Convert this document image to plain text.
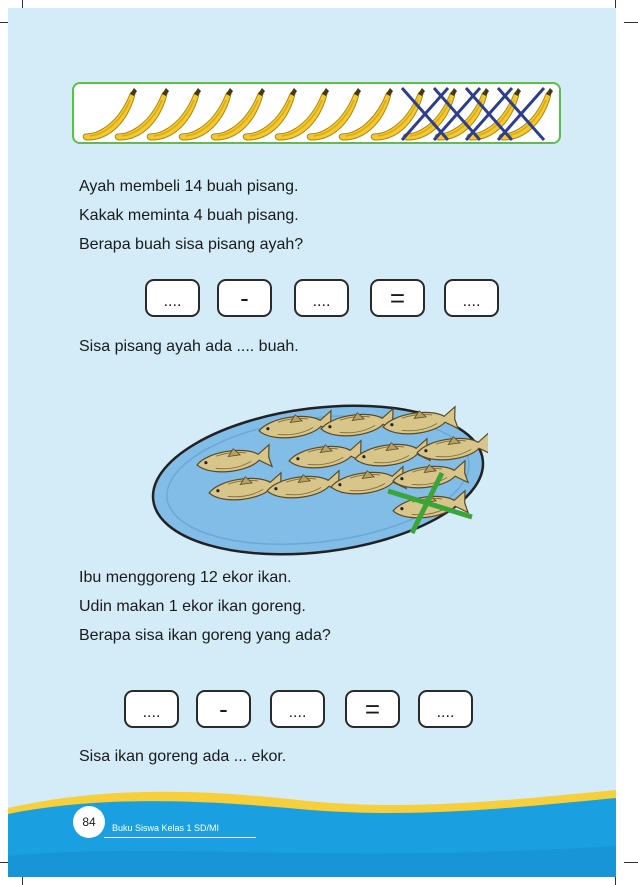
Ayah membeli 14 buah pisang.
Kakak meminta 4 buah pisang.
Berapa buah sisa pisang ayah?
....	-	....	=	....
Sisa pisang ayah ada .... buah.
Ibu menggoreng 12 ekor ikan.
Udin makan 1 ekor ikan goreng.
Berapa sisa ikan goreng yang ada?
....	-	....	=	....
Sisa ikan goreng ada ... ekor.
84	Buku Siswa Kelas 1 SD/MI
